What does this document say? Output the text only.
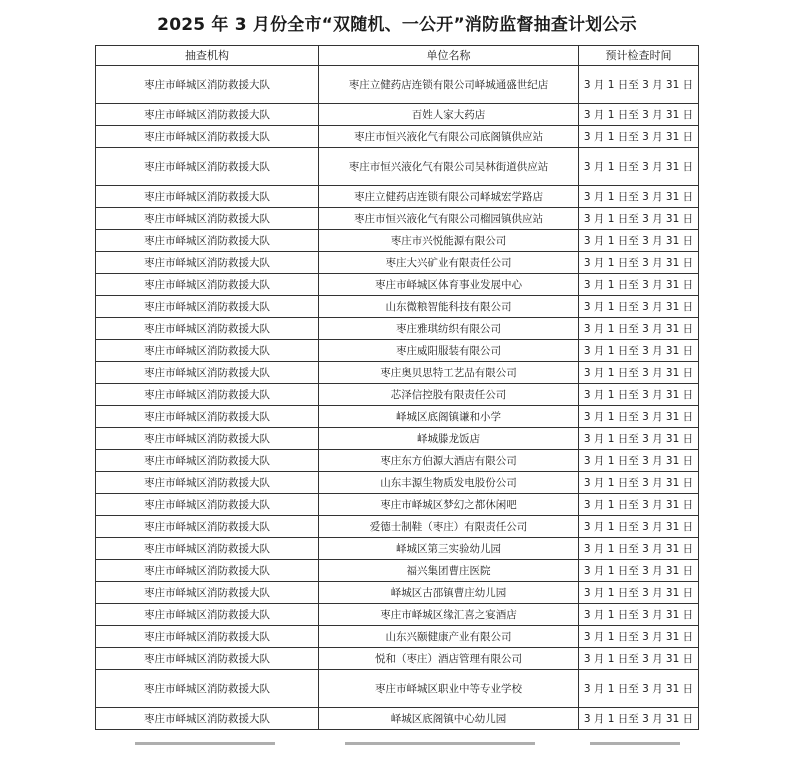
2025 年 3 月份全市“双随机、一公开”消防监督抽查计划公示
抽查机构	单位名称	预计检查时间
枣庄市峄城区消防救援大队	枣庄立健药店连锁有限公司峄城通盛世纪店	3 月 1 日至 3 月 31 日
枣庄市峄城区消防救援大队	百姓人家大药店	3 月 1 日至 3 月 31 日
枣庄市峄城区消防救援大队	枣庄市恒兴液化气有限公司底阁镇供应站	3 月 1 日至 3 月 31 日
枣庄市峄城区消防救援大队	枣庄市恒兴液化气有限公司吴林街道供应站	3 月 1 日至 3 月 31 日
枣庄市峄城区消防救援大队	枣庄立健药店连锁有限公司峄城宏学路店	3 月 1 日至 3 月 31 日
枣庄市峄城区消防救援大队	枣庄市恒兴液化气有限公司榴园镇供应站	3 月 1 日至 3 月 31 日
枣庄市峄城区消防救援大队	枣庄市兴悦能源有限公司	3 月 1 日至 3 月 31 日
枣庄市峄城区消防救援大队	枣庄大兴矿业有限责任公司	3 月 1 日至 3 月 31 日
枣庄市峄城区消防救援大队	枣庄市峄城区体育事业发展中心	3 月 1 日至 3 月 31 日
枣庄市峄城区消防救援大队	山东微粮智能科技有限公司	3 月 1 日至 3 月 31 日
枣庄市峄城区消防救援大队	枣庄雅琪纺织有限公司	3 月 1 日至 3 月 31 日
枣庄市峄城区消防救援大队	枣庄威阳服装有限公司	3 月 1 日至 3 月 31 日
枣庄市峄城区消防救援大队	枣庄奥贝思特工艺品有限公司	3 月 1 日至 3 月 31 日
枣庄市峄城区消防救援大队	芯泽信控股有限责任公司	3 月 1 日至 3 月 31 日
枣庄市峄城区消防救援大队	峄城区底阁镇谦和小学	3 月 1 日至 3 月 31 日
枣庄市峄城区消防救援大队	峄城滕龙饭店	3 月 1 日至 3 月 31 日
枣庄市峄城区消防救援大队	枣庄东方伯源大酒店有限公司	3 月 1 日至 3 月 31 日
枣庄市峄城区消防救援大队	山东丰源生物质发电股份公司	3 月 1 日至 3 月 31 日
枣庄市峄城区消防救援大队	枣庄市峄城区梦幻之都休闲吧	3 月 1 日至 3 月 31 日
枣庄市峄城区消防救援大队	爱德士制鞋（枣庄）有限责任公司	3 月 1 日至 3 月 31 日
枣庄市峄城区消防救援大队	峄城区第三实验幼儿园	3 月 1 日至 3 月 31 日
枣庄市峄城区消防救援大队	福兴集团曹庄医院	3 月 1 日至 3 月 31 日
枣庄市峄城区消防救援大队	峄城区古邵镇曹庄幼儿园	3 月 1 日至 3 月 31 日
枣庄市峄城区消防救援大队	枣庄市峄城区缘汇喜之宴酒店	3 月 1 日至 3 月 31 日
枣庄市峄城区消防救援大队	山东兴颐健康产业有限公司	3 月 1 日至 3 月 31 日
枣庄市峄城区消防救援大队	悦和（枣庄）酒店管理有限公司	3 月 1 日至 3 月 31 日
枣庄市峄城区消防救援大队	枣庄市峄城区职业中等专业学校	3 月 1 日至 3 月 31 日
枣庄市峄城区消防救援大队	峄城区底阁镇中心幼儿园	3 月 1 日至 3 月 31 日
